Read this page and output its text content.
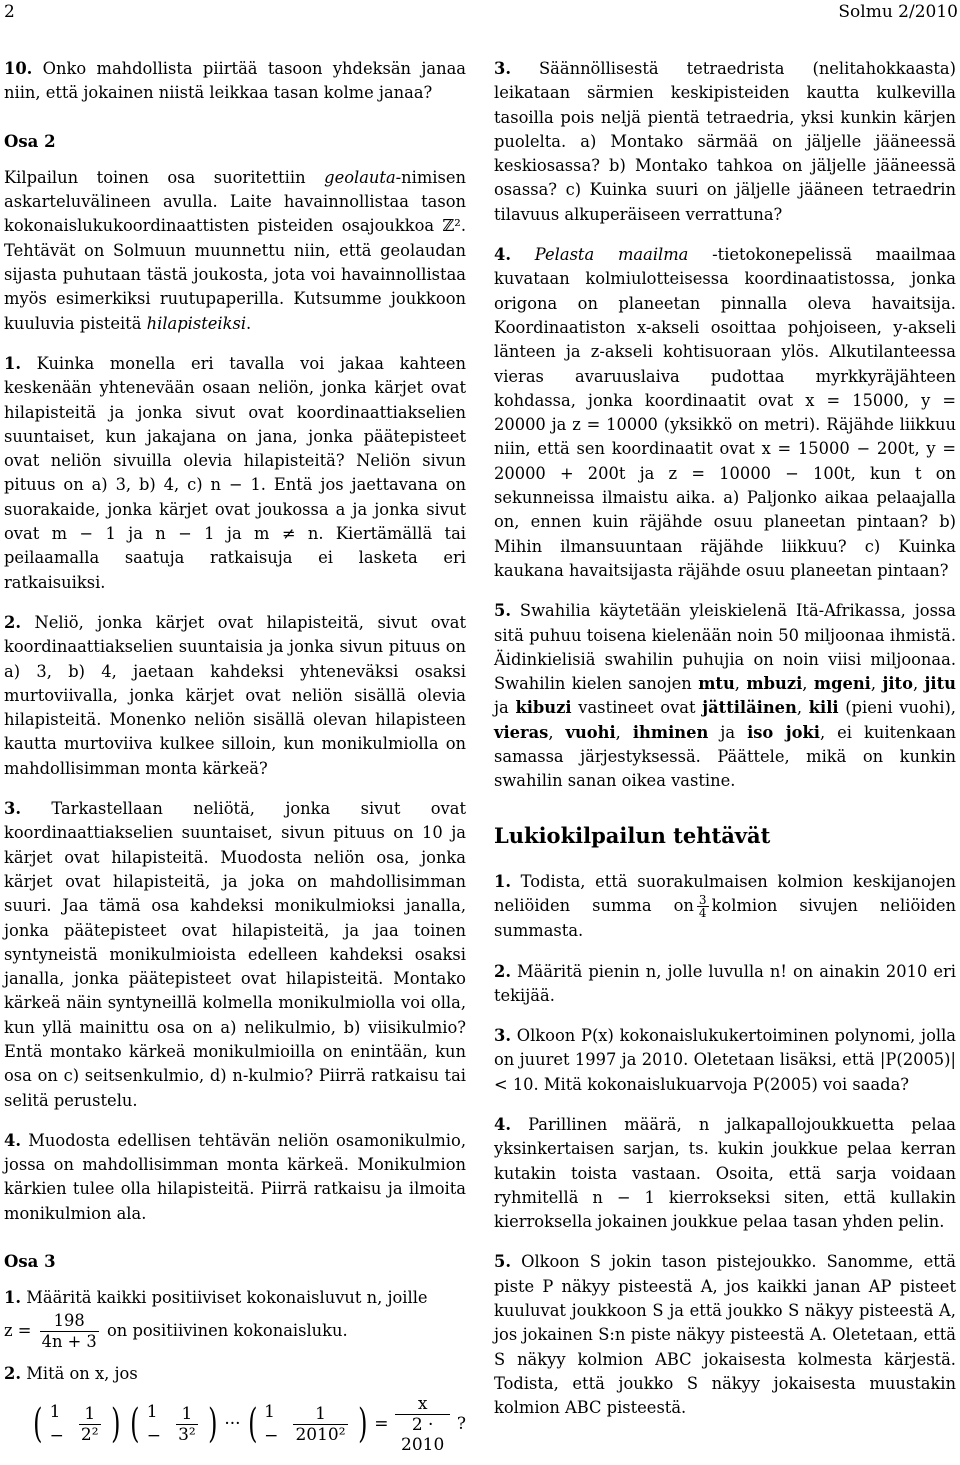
2	Solmu 2/2010

10. Onko mahdollista piirtää tasoon yhdeksän janaa niin, että jokainen niistä leikkaa tasan kolme janaa?

Osa 2

Kilpailun toinen osa suoritettiin geolauta-nimisen askarteluvälineen avulla. Laite havainnollistaa tason kokonaislukukoordinaattisten pisteiden osajoukkoa ℤ². Tehtävät on Solmuun muunnettu niin, että geolaudan sijasta puhutaan tästä joukosta, jota voi havainnollistaa myös esimerkiksi ruutupaperilla. Kutsumme joukkoon kuuluvia pisteitä hilapisteiksi.

1. Kuinka monella eri tavalla voi jakaa kahteen keskenään yhtenevään osaan neliön, jonka kärjet ovat hilapisteitä ja jonka sivut ovat koordinaattiakselien suuntaiset, kun jakajana on jana, jonka päätepisteet ovat neliön sivuilla olevia hilapisteitä? Neliön sivun pituus on a) 3, b) 4, c) n − 1. Entä jos jaettavana on suorakaide, jonka kärjet ovat joukossa a ja jonka sivut ovat m − 1 ja n − 1 ja m ≠ n. Kiertämällä tai peilaamalla saatuja ratkaisuja ei lasketa eri ratkaisuiksi.

2. Neliö, jonka kärjet ovat hilapisteitä, sivut ovat koordinaattiakselien suuntaisia ja jonka sivun pituus on a) 3, b) 4, jaetaan kahdeksi yhteneväksi osaksi murtoviivalla, jonka kärjet ovat neliön sisällä olevia hilapisteitä. Monenko neliön sisällä olevan hilapisteen kautta murtoviiva kulkee silloin, kun monikulmiolla on mahdollisimman monta kärkeä?

3. Tarkastellaan neliötä, jonka sivut ovat koordinaattiakselien suuntaiset, sivun pituus on 10 ja kärjet ovat hilapisteitä. Muodosta neliön osa, jonka kärjet ovat hilapisteitä, ja joka on mahdollisimman suuri. Jaa tämä osa kahdeksi monikulmioksi janalla, jonka päätepisteet ovat hilapisteitä, ja jaa toinen syntyneistä monikulmioista edelleen kahdeksi osaksi janalla, jonka päätepisteet ovat hilapisteitä. Montako kärkeä näin syntyneillä kolmella monikulmiolla voi olla, kun yllä mainittu osa on a) nelikulmio, b) viisikulmio? Entä montako kärkeä monikulmioilla on enintään, kun osa on c) seitsenkulmio, d) n-kulmio? Piirrä ratkaisu tai selitä perustelu.

4. Muodosta edellisen tehtävän neliön osamonikulmio, jossa on mahdollisimman monta kärkeä. Monikulmion kärkien tulee olla hilapisteitä. Piirrä ratkaisu ja ilmoita monikulmion ala.

Osa 3

1. Määritä kaikki positiiviset kokonaisluvut n, joille
$z = \frac{198}{4n + 3}$ on positiivinen kokonaisluku.

2. Mitä on x, jos

( $1 - \frac{1}{\text{2²}}$ ) ( $1 - \frac{1}{\text{3²}}$ ) ··· ( $1 - \frac{1}{\text{2010²}}$ ) = $\frac{x}{2 \cdot 2010}$ ?

3. Säännöllisestä tetraedrista (nelitahokkaasta) leikataan särmien keskipisteiden kautta kulkevilla tasoilla pois neljä pientä tetraedria, yksi kunkin kärjen puolelta. a) Montako särmää on jäljelle jääneessä keskiosassa? b) Montako tahkoa on jäljelle jääneessä osassa? c) Kuinka suuri on jäljelle jääneen tetraedrin tilavuus alkuperäiseen verrattuna?

4. Pelasta maailma -tietokonepelissä maailmaa kuvataan kolmiulotteisessa koordinaatistossa, jonka origona on planeetan pinnalla oleva havaitsija. Koordinaatiston x-akseli osoittaa pohjoiseen, y-akseli länteen ja z-akseli kohtisuoraan ylös. Alkutilanteessa vieras avaruuslaiva pudottaa myrkkyräjähteen kohdassa, jonka koordinaatit ovat x = 15000, y = 20000 ja z = 10000 (yksikkö on metri). Räjähde liikkuu niin, että sen koordinaatit ovat x = 15000 − 200t, y = 20000 + 200t ja z = 10000 − 100t, kun t on sekunneissa ilmaistu aika. a) Paljonko aikaa pelaajalla on, ennen kuin räjähde osuu planeetan pintaan? b) Mihin ilmansuuntaan räjähde liikkuu? c) Kuinka kaukana havaitsijasta räjähde osuu planeetan pintaan?

5. Swahilia käytetään yleiskielenä Itä-Afrikassa, jossa sitä puhuu toisena kielenään noin 50 miljoonaa ihmistä. Äidinkielisiä swahilin puhujia on noin viisi miljoonaa. Swahilin kielen sanojen mtu, mbuzi, mgeni, jito, jitu ja kibuzi vastineet ovat jättiläinen, kili (pieni vuohi), vieras, vuohi, ihminen ja iso joki, ei kuitenkaan samassa järjestyksessä. Päättele, mikä on kunkin swahilin sanan oikea vastine.

Lukiokilpailun tehtävät

1. Todista, että suorakulmaisen kolmion keskijanojen neliöiden summa on $\frac{3}{4}$ kolmion sivujen neliöiden summasta.

2. Määritä pienin n, jolle luvulla n! on ainakin 2010 eri tekijää.

3. Olkoon P(x) kokonaislukukertoiminen polynomi, jolla on juuret 1997 ja 2010. Oletetaan lisäksi, että |P(2005)| < 10. Mitä kokonaislukuarvoja P(2005) voi saada?

4. Parillinen määrä, n jalkapallojoukkuetta pelaa yksinkertaisen sarjan, ts. kukin joukkue pelaa kerran kutakin toista vastaan. Osoita, että sarja voidaan ryhmitellä n − 1 kierrokseksi siten, että kullakin kierroksella jokainen joukkue pelaa tasan yhden pelin.

5. Olkoon S jokin tason pistejoukko. Sanomme, että piste P näkyy pisteestä A, jos kaikki janan AP pisteet kuuluvat joukkoon S ja että joukko S näkyy pisteestä A, jos jokainen S:n piste näkyy pisteestä A. Oletetaan, että S näkyy kolmion ABC jokaisesta kolmesta kärjestä. Todista, että joukko S näkyy jokaisesta muustakin kolmion ABC pisteestä.
